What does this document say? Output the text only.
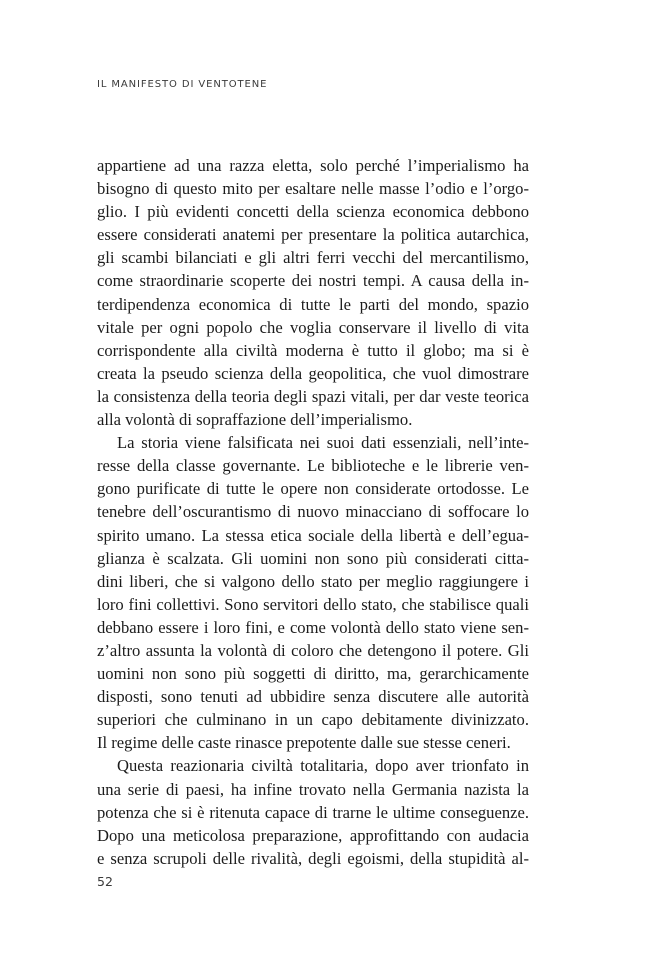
IL MANIFESTO DI VENTOTENE
appartiene ad una razza eletta, solo perché l’imperialismo ha
bisogno di questo mito per esaltare nelle masse l’odio e l’orgo-
glio. I più evidenti concetti della scienza economica debbono
essere considerati anatemi per presentare la politica autarchica,
gli scambi bilanciati e gli altri ferri vecchi del mercantilismo,
come straordinarie scoperte dei nostri tempi. A causa della in-
terdipendenza economica di tutte le parti del mondo, spazio
vitale per ogni popolo che voglia conservare il livello di vita
corrispondente alla civiltà moderna è tutto il globo; ma si è
creata la pseudo scienza della geopolitica, che vuol dimostrare
la consistenza della teoria degli spazi vitali, per dar veste teorica
alla volontà di sopraffazione dell’imperialismo.
La storia viene falsificata nei suoi dati essenziali, nell’inte-
resse della classe governante. Le biblioteche e le librerie ven-
gono purificate di tutte le opere non considerate ortodosse. Le
tenebre dell’oscurantismo di nuovo minacciano di soffocare lo
spirito umano. La stessa etica sociale della libertà e dell’egua-
glianza è scalzata. Gli uomini non sono più considerati citta-
dini liberi, che si valgono dello stato per meglio raggiungere i
loro fini collettivi. Sono servitori dello stato, che stabilisce quali
debbano essere i loro fini, e come volontà dello stato viene sen-
z’altro assunta la volontà di coloro che detengono il potere. Gli
uomini non sono più soggetti di diritto, ma, gerarchicamente
disposti, sono tenuti ad ubbidire senza discutere alle autorità
superiori che culminano in un capo debitamente divinizzato.
Il regime delle caste rinasce prepotente dalle sue stesse ceneri.
Questa reazionaria civiltà totalitaria, dopo aver trionfato in
una serie di paesi, ha infine trovato nella Germania nazista la
potenza che si è ritenuta capace di trarne le ultime conseguenze.
Dopo una meticolosa preparazione, approfittando con audacia
e senza scrupoli delle rivalità, degli egoismi, della stupidità al-
52
